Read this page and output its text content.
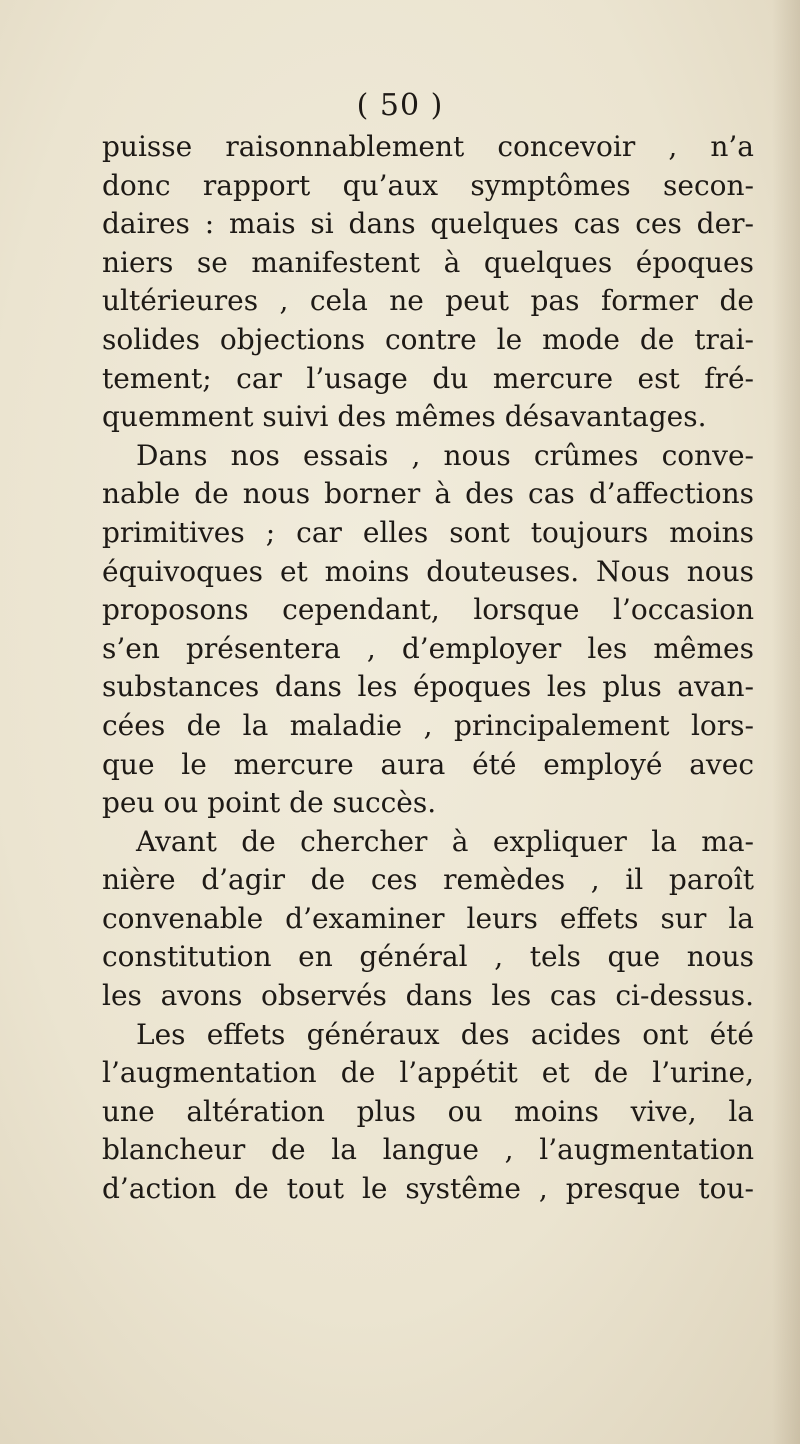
( 50 )
puisse raisonnablement concevoir , n’a
donc rapport qu’aux symptômes secon-
daires : mais si dans quelques cas ces der-
niers se manifestent à quelques époques
ultérieures , cela ne peut pas former de
solides objections contre le mode de trai-
tement; car l’usage du mercure est fré-
quemment suivi des mêmes désavantages.
Dans nos essais , nous crûmes conve-
nable de nous borner à des cas d’affections
primitives ; car elles sont toujours moins
équivoques et moins douteuses. Nous nous
proposons cependant, lorsque l’occasion
s’en présentera , d’employer les mêmes
substances dans les époques les plus avan-
cées de la maladie , principalement lors-
que le mercure aura été employé avec
peu ou point de succès.
Avant de chercher à expliquer la ma-
nière d’agir de ces remèdes , il paroît
convenable d’examiner leurs effets sur la
constitution en général , tels que nous
les avons observés dans les cas ci-dessus.
Les effets généraux des acides ont été
l’augmentation de l’appétit et de l’urine,
une altération plus ou moins vive, la
blancheur de la langue , l’augmentation
d’action de tout le systême , presque tou-
